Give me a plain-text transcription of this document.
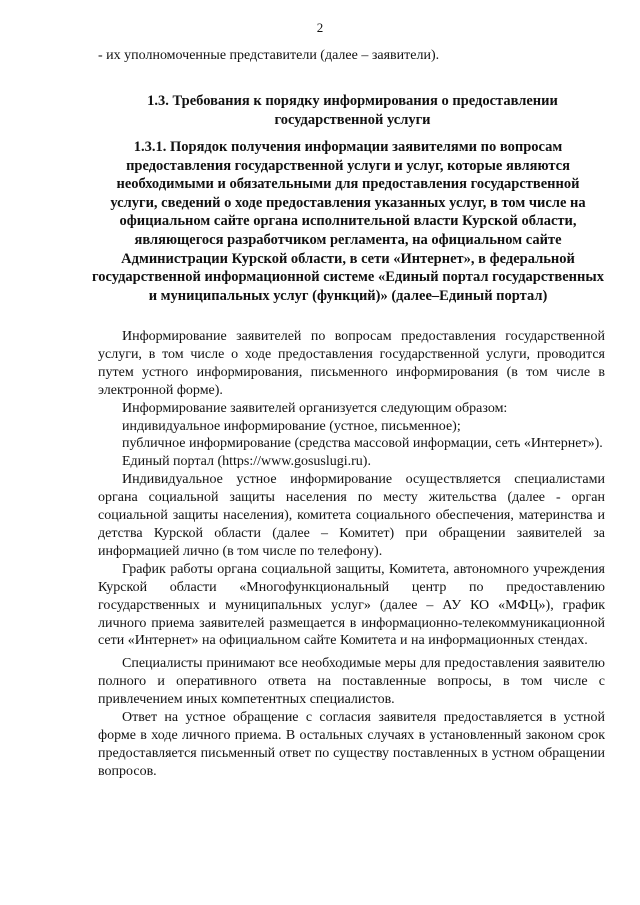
2
- их уполномоченные представители (далее – заявители).
1.3. Требования к порядку информирования о предоставлении государственной услуги
1.3.1. Порядок получения информации заявителями по вопросам предоставления государственной услуги и услуг, которые являются необходимыми и обязательными для предоставления государственной услуги, сведений о ходе предоставления указанных услуг, в том числе на официальном сайте органа исполнительной власти Курской области, являющегося разработчиком регламента, на официальном сайте Администрации Курской области, в сети «Интернет», в федеральной государственной информационной системе «Единый портал государственных и муниципальных услуг (функций)» (далее–Единый портал)

Информирование заявителей по вопросам предоставления государственной услуги, в том числе о ходе предоставления государственной услуги, проводится путем устного информирования, письменного информирования (в том числе в электронной форме).

Информирование заявителей организуется следующим образом:

индивидуальное информирование (устное, письменное);

публичное информирование (средства массовой информации, сеть «Интернет»).

Единый портал (https://www.gosuslugi.ru).

Индивидуальное устное информирование осуществляется специалистами органа социальной защиты населения по месту жительства (далее - орган социальной защиты населения), комитета социального обеспечения, материнства и детства Курской области (далее – Комитет) при обращении заявителей за информацией лично (в том числе по телефону).

График работы органа социальной защиты, Комитета, автономного учреждения Курской области «Многофункциональный центр по предоставлению государственных и муниципальных услуг» (далее – АУ КО «МФЦ»), график личного приема заявителей размещается в информационно-телекоммуникационной сети «Интернет» на официальном сайте Комитета и на информационных стендах.

Специалисты принимают все необходимые меры для предоставления заявителю полного и оперативного ответа на поставленные вопросы, в том числе с привлечением иных компетентных специалистов.

Ответ на устное обращение с согласия заявителя предоставляется в устной форме в ходе личного приема. В остальных случаях в установленный законом срок предоставляется письменный ответ по существу поставленных в устном обращении вопросов.
